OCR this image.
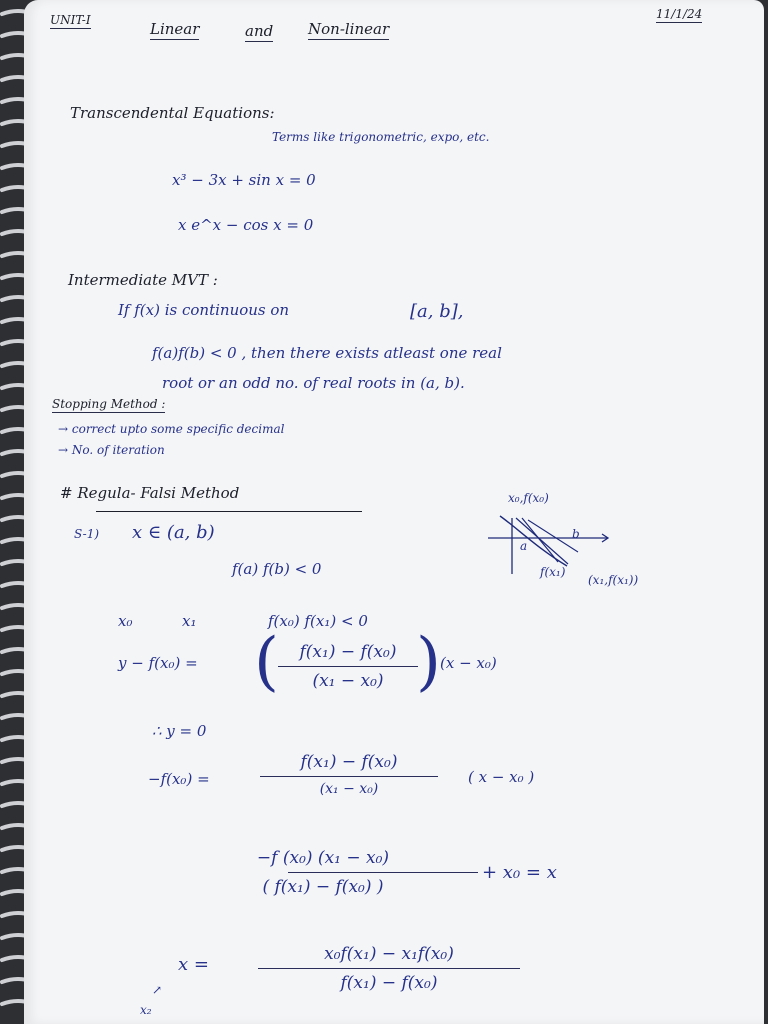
UNIT-I	Linear	and Non-linear
11/1/24
Transcendental Equations:
Terms like trigonometric, expo, etc.
x³ − 3x + sin x = 0
x e^x − cos x = 0
Intermediate MVT :
If f(x) is continuous on	[a, b],
f(a)f(b) < 0 , then there exists atleast one real
root or an odd no. of real roots in (a, b).
Stopping Method :
→ correct upto some specific decimal
→ No. of iteration
# Regula- Falsi Method	x₀,f(x₀)
a
b
f(x₁)
(x₁,f(x₁))
S-1) x ∈ (a, b)
f(a) f(b) < 0
x₀	x₁	f(x₀) f(x₁) < 0
y − f(x₀) = (	f(x₁) − f(x₀)
(x₁ − x₀) ) (x − x₀)
∴ y = 0
−f(x₀) =
f(x₁) − f(x₀)
(x₁ − x₀)
( x − x₀ )
−f (x₀) (x₁ − x₀)
( f(x₁) − f(x₀) )
+ x₀ = x
x =	x₀f(x₁) − x₁f(x₀)
f(x₁) − f(x₀)
↗
x₂
